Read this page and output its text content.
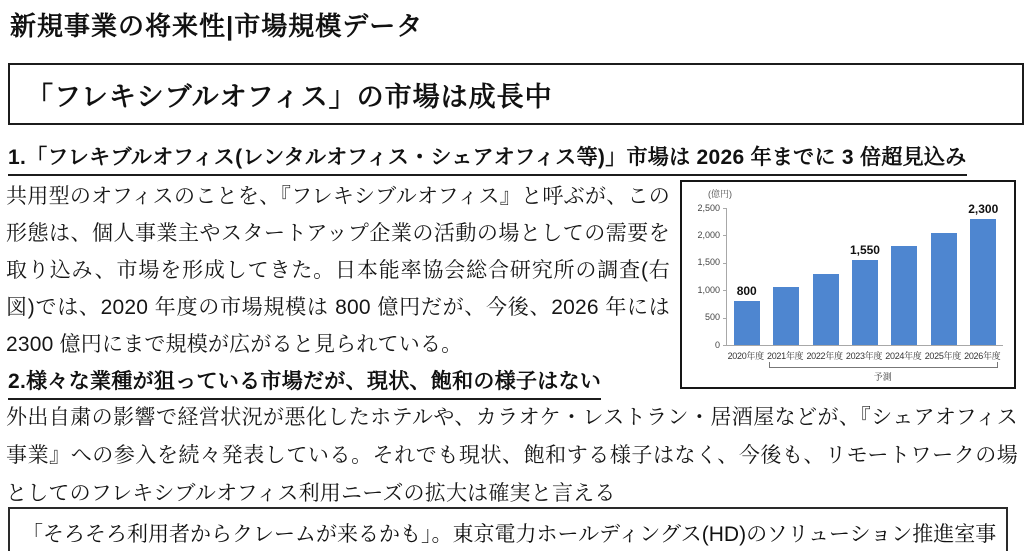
新規事業の将来性|市場規模データ
「フレキシブルオフィス」の市場は成長中
1.「フレキブルオフィス(レンタルオフィス・シェアオフィス等)」市場は 2026 年までに 3 倍超見込み
共用型のオフィスのことを、『フレキシブルオフィス』と呼ぶが、この形態は、個人事業主やスタートアップ企業の活動の場としての需要を取り込み、市場を形成してきた。日本能率協会総合研究所の調査(右図)では、2020 年度の市場規模は 800 億円だが、今後、2026 年には 2300 億円にまで規模が広がると見られている。
(億円)
800
1,550
2,300
2020年度 2021年度 2022年度 2023年度 2024年度 2025年度 2026年度
予測
2,500
2,000
1,500
1,000
500
0
2.様々な業種が狙っている市場だが、現状、飽和の様子はない
外出自粛の影響で経営状況が悪化したホテルや、カラオケ・レストラン・居酒屋などが、『シェアオフィス事業』への参入を続々発表している。それでも現状、飽和する様子はなく、今後も、リモートワークの場としてのフレキシブルオフィス利用ニーズの拡大は確実と言える
「そろそろ利用者からクレームが来るかも」。東京電力ホールディングス(HD)のソリューション推進室事
